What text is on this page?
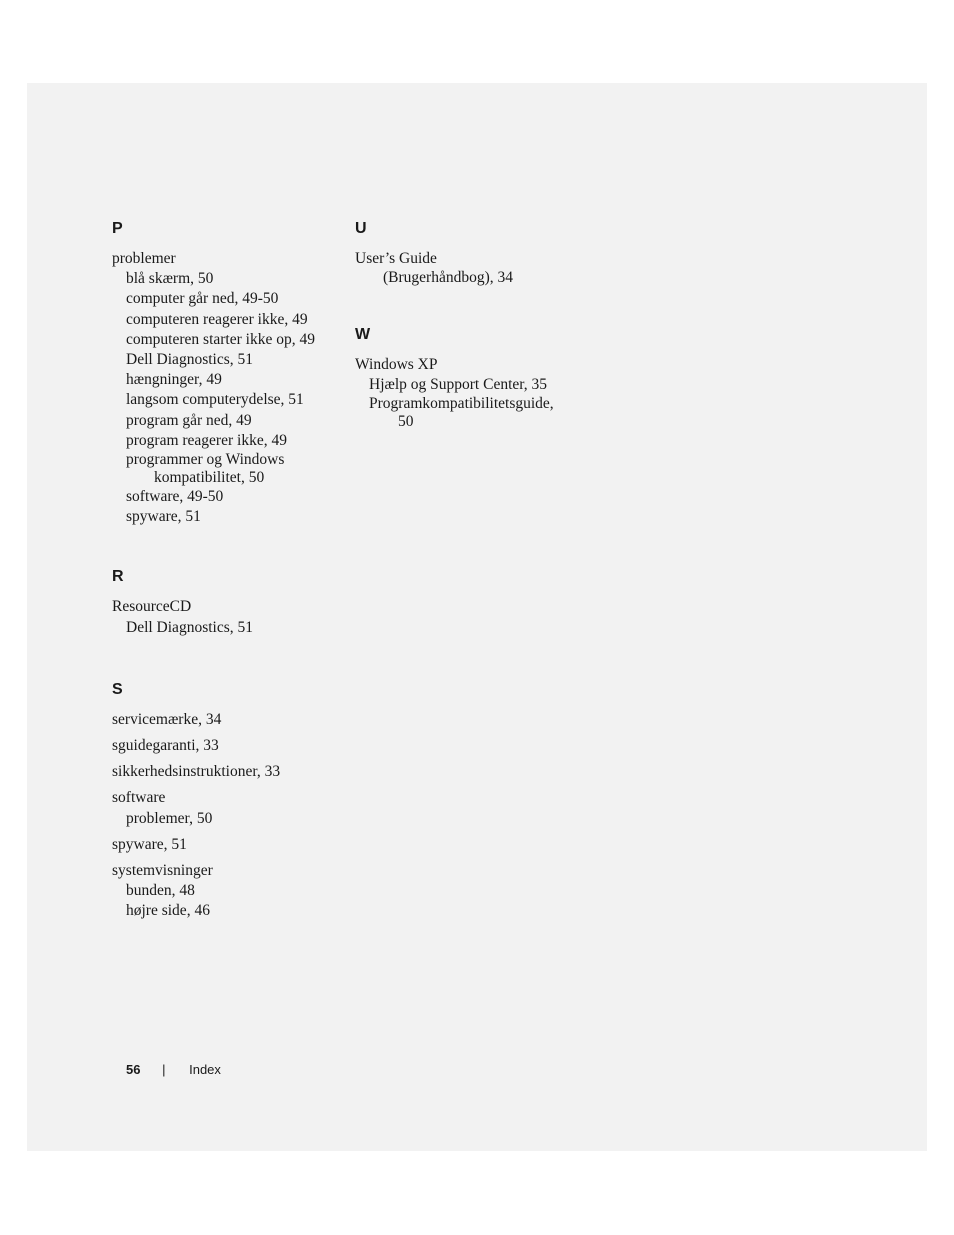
P
problemer
blå skærm, 50
computer går ned, 49-50
computeren reagerer ikke, 49
computeren starter ikke op, 49
Dell Diagnostics, 51
hængninger, 49
langsom computerydelse, 51
program går ned, 49
program reagerer ikke, 49
programmer og Windows
kompatibilitet, 50
software, 49-50
spyware, 51
R
ResourceCD
Dell Diagnostics, 51
S
servicemærke, 34
sguidegaranti, 33
sikkerhedsinstruktioner, 33
software
problemer, 50
spyware, 51
systemvisninger
bunden, 48
højre side, 46
U
User’s Guide
(Brugerhåndbog), 34
W
Windows XP
Hjælp og Support Center, 35
Programkompatibilitetsguide,
50
56 | Index
